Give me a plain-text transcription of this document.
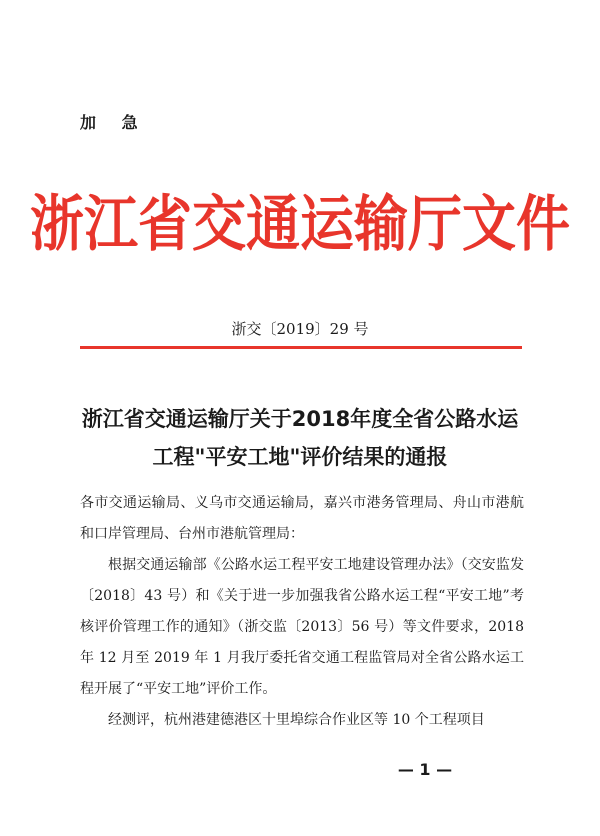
加 急
浙江省交通运输厅文件
浙交〔2019〕29 号
浙江省交通运输厅关于2018年度全省公路水运
工程"平安工地"评价结果的通报

各市交通运输局、义乌市交通运输局，嘉兴市港务管理局、舟山市港航和口岸管理局、台州市港航管理局：

根据交通运输部《公路水运工程平安工地建设管理办法》（交安监发〔2018〕43 号）和《关于进一步加强我省公路水运工程“平安工地”考核评价管理工作的通知》（浙交监〔2013〕56 号）等文件要求，2018 年 12 月至 2019 年 1 月我厅委托省交通工程监管局对全省公路水运工程开展了“平安工地”评价工作。

经测评，杭州港建德港区十里埠综合作业区等 10 个工程项目

— 1 —
